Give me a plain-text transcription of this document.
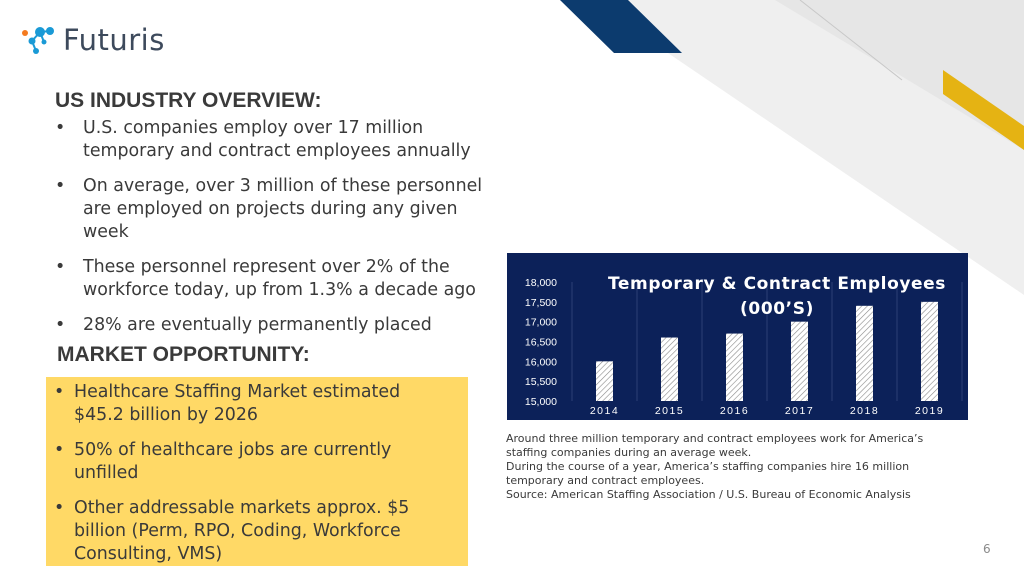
Futuris
US INDUSTRY OVERVIEW:
• U.S. companies employ over 17 million temporary and contract employees annually
• On average, over 3 million of these personnel are employed on projects during any given week
• These personnel represent over 2% of the workforce today, up from 1.3% a decade ago
• 28% are eventually permanently placed
MARKET OPPORTUNITY:
• Healthcare Staffing Market estimated $45.2 billion by 2026
• 50% of healthcare jobs are currently unfilled
• Other addressable markets approx. $5 billion (Perm, RPO, Coding, Workforce Consulting, VMS)
18,000
17,500
17,000
16,500
16,000
15,500
15,000
2014	2015	2016	2017	2018	2019
Temporary & Contract Employees
(000’S)
Around three million temporary and contract employees work for America’s staffing companies during an average week.
During the course of a year, America’s staffing companies hire 16 million temporary and contract employees.
Source: American Staffing Association / U.S. Bureau of Economic Analysis
6
